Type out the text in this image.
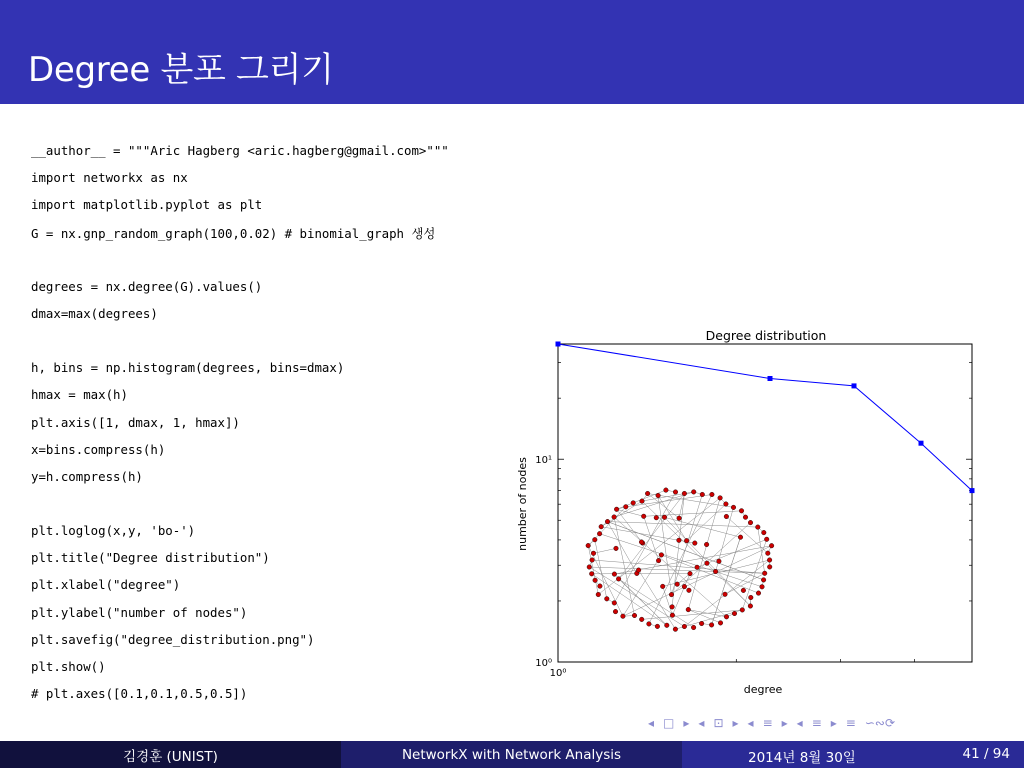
Degree 분포 그리기
__author__ = """Aric Hagberg <aric.hagberg@gmail.com>"""
import networkx as nx
import matplotlib.pyplot as plt
G = nx.gnp_random_graph(100,0.02) # binomial_graph 생성
degrees = nx.degree(G).values()
dmax=max(degrees)
h, bins = np.histogram(degrees, bins=dmax)
hmax = max(h)
plt.axis([1, dmax, 1, hmax])
x=bins.compress(h)
y=h.compress(h)
plt.loglog(x,y, 'bo-')
plt.title("Degree distribution")
plt.xlabel("degree")
plt.ylabel("number of nodes")
plt.savefig("degree_distribution.png")
plt.show()
# plt.axes([0.1,0.1,0.5,0.5])
Degree distribution
number of nodes
degree
10⁰
10¹
10⁰
◂ □ ▸ ◂ ⊡ ▸ ◂ ≡ ▸ ◂ ≡ ▸ ≡ ∽∾⟳
김경훈 (UNIST)	NetworkX with Network Analysis	2014년 8월 30일	41 / 94
